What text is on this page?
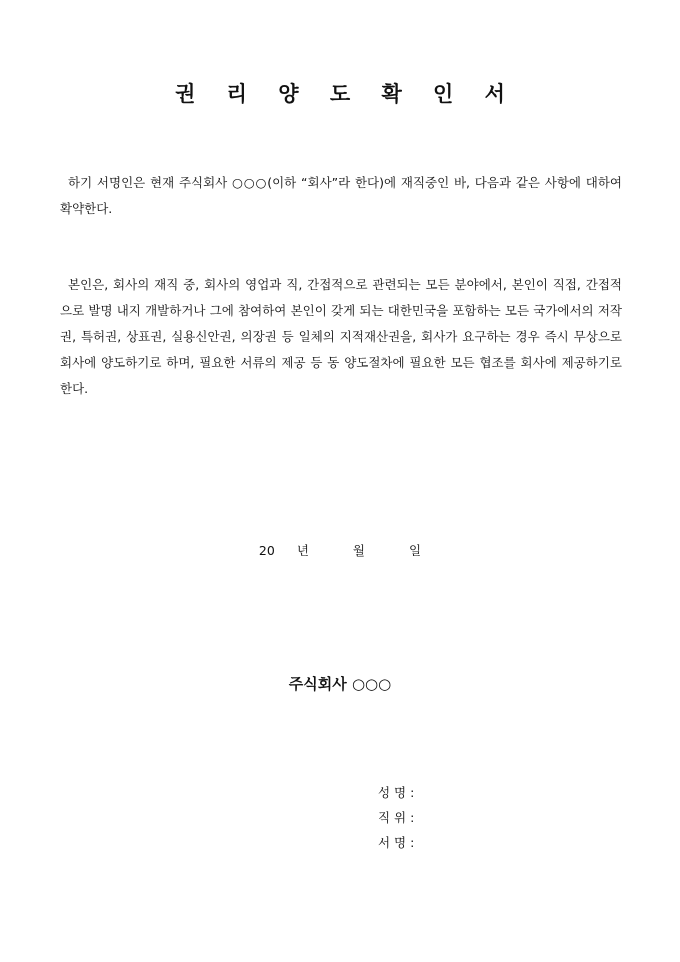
권 리 양 도 확 인 서

하기 서명인은 현재 주식회사 ○○○(이하 “회사”라 한다)에 재직중인 바, 다음과 같은 사항에 대하여 확약한다.

본인은, 회사의 재직 중, 회사의 영업과 직, 간접적으로 관련되는 모든 분야에서, 본인이 직접, 간접적으로 발명 내지 개발하거나 그에 참여하여 본인이 갖게 되는 대한민국을 포함하는 모든 국가에서의 저작권, 특허권, 상표권, 실용신안권, 의장권 등 일체의 지적재산권을, 회사가 요구하는 경우 즉시 무상으로 회사에 양도하기로 하며, 필요한 서류의 제공 등 동 양도절차에 필요한 모든 협조를 회사에 제공하기로 한다.

20 년	월	일
주식회사 ○○○
성 명 :
직 위 :
서 명 :
